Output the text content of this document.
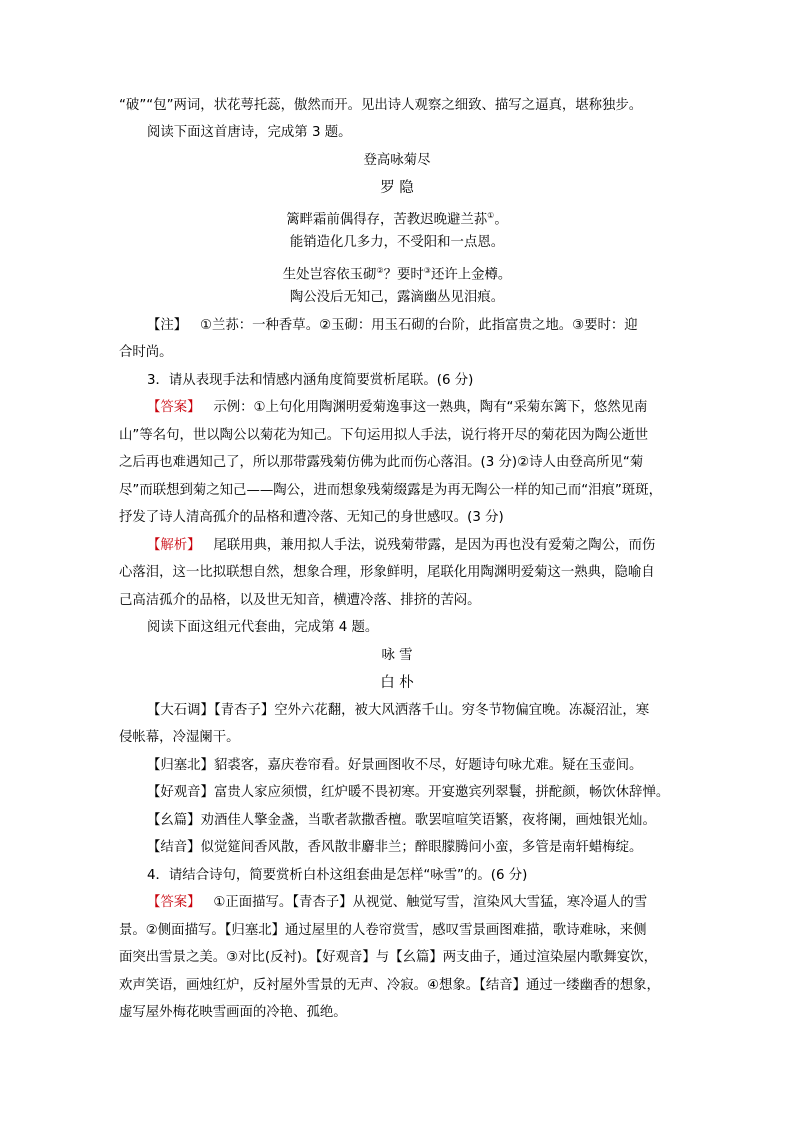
“破”“包”两词，状花萼托蕊，傲然而开。见出诗人观察之细致、描写之逼真，堪称独步。
阅读下面这首唐诗，完成第 3 题。
登高咏菊尽
罗 隐
篱畔霜前偶得存，苦教迟晚避兰荪①。
能销造化几多力，不受阳和一点恩。
生处岂容依玉砌②？要时③还许上金樽。
陶公没后无知己，露滴幽丛见泪痕。
【注】 ①兰荪：一种香草。②玉砌：用玉石砌的台阶，此指富贵之地。③要时：迎
合时尚。
3．请从表现手法和情感内涵角度简要赏析尾联。(6 分)
【答案】 示例：①上句化用陶渊明爱菊逸事这一熟典，陶有“采菊东篱下，悠然见南
山”等名句，世以陶公以菊花为知己。下句运用拟人手法，说行将开尽的菊花因为陶公逝世
之后再也难遇知己了，所以那带露残菊仿佛为此而伤心落泪。(3 分)②诗人由登高所见“菊
尽”而联想到菊之知己——陶公，进而想象残菊缀露是为再无陶公一样的知己而“泪痕”斑斑，
抒发了诗人清高孤介的品格和遭冷落、无知己的身世感叹。(3 分)
【解析】 尾联用典，兼用拟人手法，说残菊带露，是因为再也没有爱菊之陶公，而伤
心落泪，这一比拟联想自然，想象合理，形象鲜明，尾联化用陶渊明爱菊这一熟典，隐喻自
己高洁孤介的品格，以及世无知音，横遭冷落、排挤的苦闷。
阅读下面这组元代套曲，完成第 4 题。
咏 雪
白 朴
【大石调】【青杏子】空外六花翻，被大风洒落千山。穷冬节物偏宜晚。冻凝沼沚，寒
侵帐幕，冷湿阑干。
【归塞北】貂裘客，嘉庆卷帘看。好景画图收不尽，好题诗句咏尤难。疑在玉壶间。
【好观音】富贵人家应须惯，红炉暖不畏初寒。开宴邀宾列翠鬟，拼酡颜，畅饮休辞惮。
【幺篇】劝酒佳人擎金盏，当歌者款撒香檀。歌罢喧喧笑语繁，夜将阑，画烛银光灿。
【结音】似觉筵间香风散，香风散非麝非兰；醉眼朦腾问小蛮，多管是南轩蜡梅绽。
4．请结合诗句，简要赏析白朴这组套曲是怎样“咏雪”的。(6 分)
【答案】 ①正面描写。【青杏子】从视觉、触觉写雪，渲染风大雪猛，寒冷逼人的雪
景。②侧面描写。【归塞北】通过屋里的人卷帘赏雪，感叹雪景画图难描，歌诗难咏，来侧
面突出雪景之美。③对比(反衬)。【好观音】与【幺篇】两支曲子，通过渲染屋内歌舞宴饮，
欢声笑语，画烛红炉，反衬屋外雪景的无声、冷寂。④想象。【结音】通过一缕幽香的想象，
虚写屋外梅花映雪画面的冷艳、孤绝。
